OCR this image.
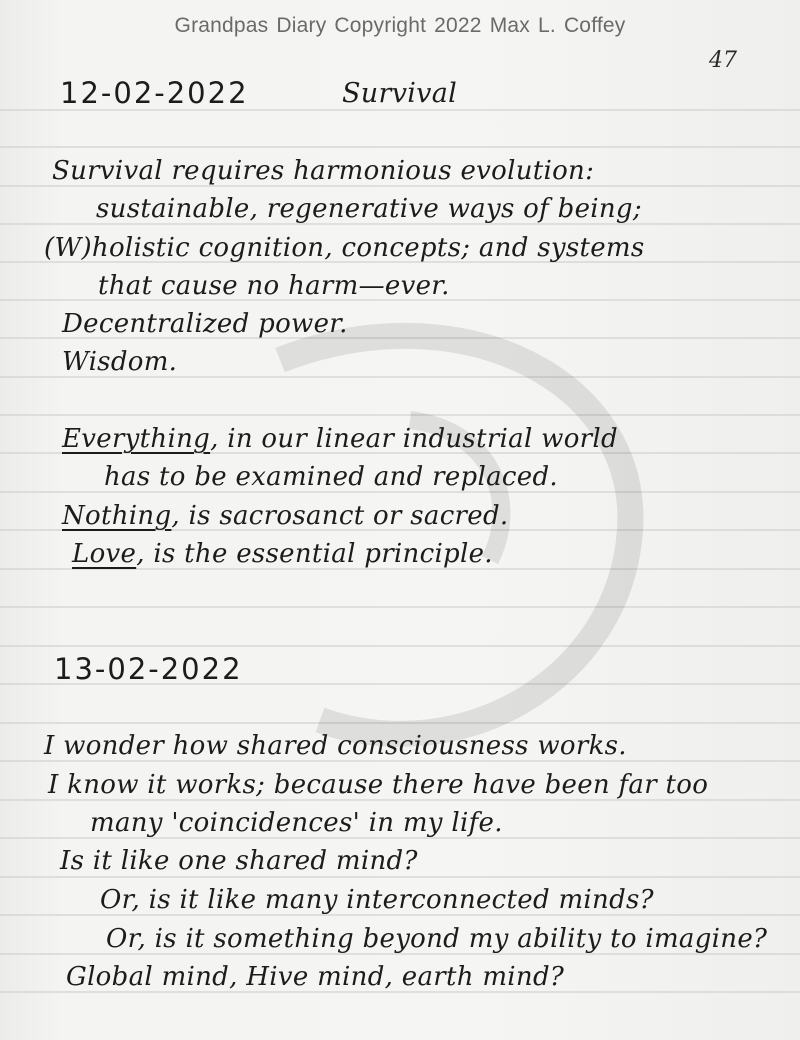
Grandpas Diary Copyright 2022 Max L. Coffey
47
12-02-2022	Survival
Survival requires harmonious evolution:
sustainable, regenerative ways of being;
(W)holistic cognition, concepts; and systems
that cause no harm—ever.
Decentralized power.
Wisdom.
Everything, in our linear industrial world
has to be examined and replaced.
Nothing, is sacrosanct or sacred.
Love, is the essential principle.
13-02-2022
I wonder how shared consciousness works.
I know it works; because there have been far too
many 'coincidences' in my life.
Is it like one shared mind?
Or, is it like many interconnected minds?
Or, is it something beyond my ability to imagine?
Global mind, Hive mind, earth mind?
